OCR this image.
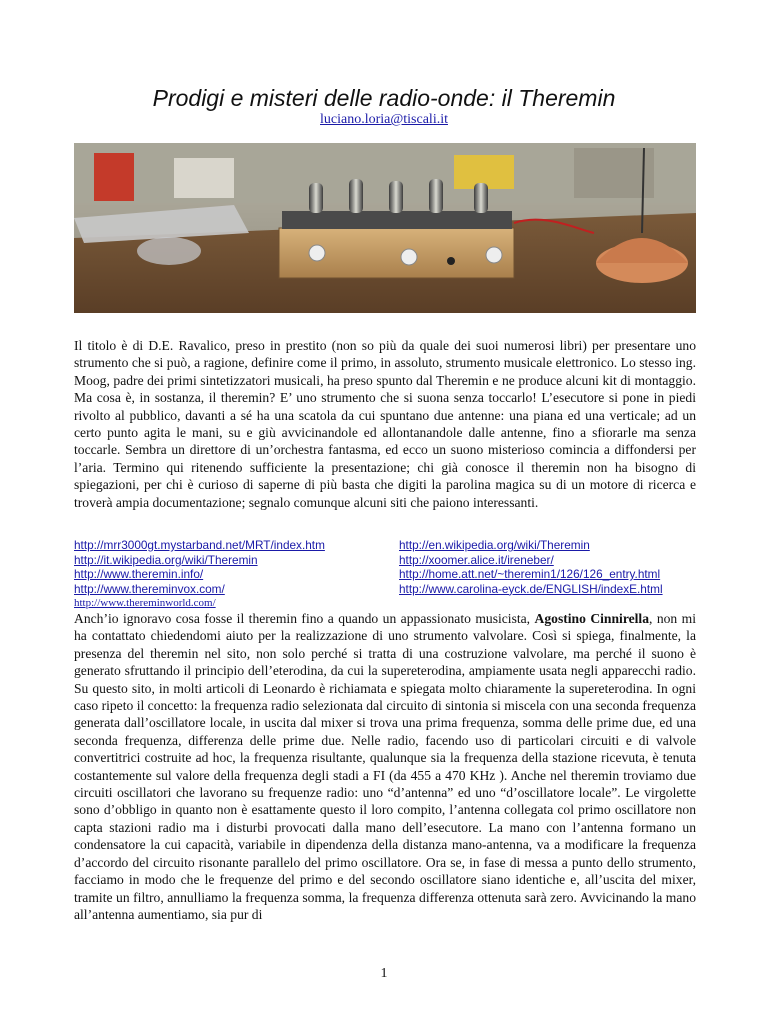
Prodigi e misteri delle radio-onde: il Theremin
luciano.loria@tiscali.it

Il titolo è di D.E. Ravalico, preso in prestito (non so più da quale dei suoi numerosi libri) per presentare uno strumento che si può, a ragione, definire come il primo, in assoluto, strumento musicale elettronico. Lo stesso ing. Moog, padre dei primi sintetizzatori musicali, ha preso spunto dal Theremin e ne produce alcuni kit di montaggio. Ma cosa è, in sostanza, il theremin? E’ uno strumento che si suona senza toccarlo! L’esecutore si pone in piedi rivolto al pubblico, davanti a sé ha una scatola da cui spuntano due antenne: una piana ed una verticale; ad un certo punto agita le mani, su e giù avvicinandole ed allontanandole dalle antenne, fino a sfiorarle ma senza toccarle. Sembra un direttore di un’orchestra fantasma, ed ecco un suono misterioso comincia a diffondersi per l’aria. Termino qui ritenendo sufficiente la presentazione; chi già conosce il theremin non ha bisogno di spiegazioni, per chi è curioso di saperne di più basta che digiti la parolina magica su di un motore di ricerca e troverà ampia documentazione; segnalo comunque alcuni siti che paiono interessanti.

http://mrr3000gt.mystarband.net/MRT/index.htm	http://en.wikipedia.org/wiki/Theremin
http://it.wikipedia.org/wiki/Theremin	http://xoomer.alice.it/ireneber/
http://www.theremin.info/	http://home.att.net/~theremin1/126/126_entry.html
http://www.thereminvox.com/	http://www.carolina-eyck.de/ENGLISH/indexE.html
http://www.thereminworld.com/

Anch’io ignoravo cosa fosse il theremin fino a quando un appassionato musicista, Agostino Cinnirella, non mi ha contattato chiedendomi aiuto per la realizzazione di uno strumento valvolare. Così si spiega, finalmente, la presenza del theremin nel sito, non solo perché si tratta di una costruzione valvolare, ma perché il suono è generato sfruttando il principio dell’eterodina, da cui la supereterodina, ampiamente usata negli apparecchi radio. Su questo sito, in molti articoli di Leonardo è richiamata e spiegata molto chiaramente la supereterodina. In ogni caso ripeto il concetto: la frequenza radio selezionata dal circuito di sintonia si miscela con una seconda frequenza generata dall’oscillatore locale, in uscita dal mixer si trova una prima frequenza, somma delle prime due, ed una seconda frequenza, differenza delle prime due. Nelle radio, facendo uso di particolari circuiti e di valvole convertitrici costruite ad hoc, la frequenza risultante, qualunque sia la frequenza della stazione ricevuta, è tenuta costantemente sul valore della frequenza degli stadi a FI (da 455 a 470 KHz ). Anche nel theremin troviamo due circuiti oscillatori che lavorano su frequenze radio: uno “d’antenna” ed uno “d’oscillatore locale”. Le virgolette sono d’obbligo in quanto non è esattamente questo il loro compito, l’antenna collegata col primo oscillatore non capta stazioni radio ma i disturbi provocati dalla mano dell’esecutore. La mano con l’antenna formano un condensatore la cui capacità, variabile in dipendenza della distanza mano-antenna, va a modificare la frequenza d’accordo del circuito risonante parallelo del primo oscillatore. Ora se, in fase di messa a punto dello strumento, facciamo in modo che le frequenze del primo e del secondo oscillatore siano identiche e, all’uscita del mixer, tramite un filtro, annulliamo la frequenza somma, la frequenza differenza ottenuta sarà zero. Avvicinando la mano all’antenna aumentiamo, sia pur di

1
